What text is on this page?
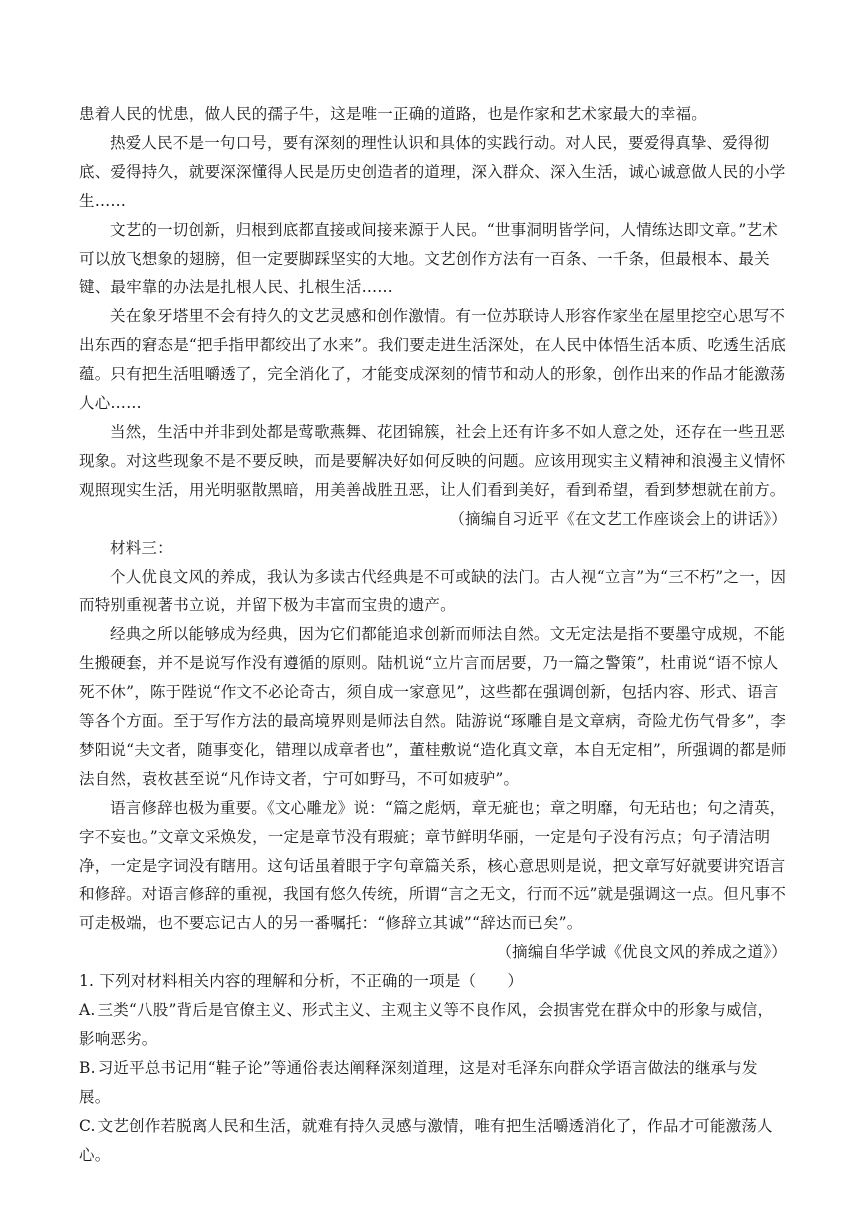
患着人民的忧患，做人民的孺子牛，这是唯一正确的道路，也是作家和艺术家最大的幸福。

热爱人民不是一句口号，要有深刻的理性认识和具体的实践行动。对人民，要爱得真挚、爱得彻底、爱得持久，就要深深懂得人民是历史创造者的道理，深入群众、深入生活，诚心诚意做人民的小学生……

文艺的一切创新，归根到底都直接或间接来源于人民。“世事洞明皆学问，人情练达即文章。”艺术可以放飞想象的翅膀，但一定要脚踩坚实的大地。文艺创作方法有一百条、一千条，但最根本、最关键、最牢靠的办法是扎根人民、扎根生活……

关在象牙塔里不会有持久的文艺灵感和创作激情。有一位苏联诗人形容作家坐在屋里挖空心思写不出东西的窘态是“把手指甲都绞出了水来”。我们要走进生活深处，在人民中体悟生活本质、吃透生活底蕴。只有把生活咀嚼透了，完全消化了，才能变成深刻的情节和动人的形象，创作出来的作品才能激荡人心……

当然，生活中并非到处都是莺歌燕舞、花团锦簇，社会上还有许多不如人意之处，还存在一些丑恶现象。对这些现象不是不要反映，而是要解决好如何反映的问题。应该用现实主义精神和浪漫主义情怀观照现实生活，用光明驱散黑暗，用美善战胜丑恶，让人们看到美好，看到希望，看到梦想就在前方。

（摘编自习近平《在文艺工作座谈会上的讲话》）

材料三：

个人优良文风的养成，我认为多读古代经典是不可或缺的法门。古人视“立言”为“三不朽”之一，因而特别重视著书立说，并留下极为丰富而宝贵的遗产。

经典之所以能够成为经典，因为它们都能追求创新而师法自然。文无定法是指不要墨守成规，不能生搬硬套，并不是说写作没有遵循的原则。陆机说“立片言而居要，乃一篇之警策”，杜甫说“语不惊人死不休”，陈于陛说“作文不必论奇古，须自成一家意见”，这些都在强调创新，包括内容、形式、语言等各个方面。至于写作方法的最高境界则是师法自然。陆游说“琢雕自是文章病，奇险尤伤气骨多”，李梦阳说“夫文者，随事变化，错理以成章者也”，董桂敷说“造化真文章，本自无定相”，所强调的都是师法自然，袁枚甚至说“凡作诗文者，宁可如野马，不可如疲驴”。

语言修辞也极为重要。《文心雕龙》说：“篇之彪炳，章无疵也；章之明靡，句无玷也；句之清英，字不妄也。”文章文采焕发，一定是章节没有瑕疵；章节鲜明华丽，一定是句子没有污点；句子清洁明净，一定是字词没有瞎用。这句话虽着眼于字句章篇关系，核心意思则是说，把文章写好就要讲究语言和修辞。对语言修辞的重视，我国有悠久传统，所谓“言之无文，行而不远”就是强调这一点。但凡事不可走极端，也不要忘记古人的另一番嘱托：“修辞立其诚”“辞达而已矣”。

（摘编自华学诚《优良文风的养成之道》）

1. 下列对材料相关内容的理解和分析，不正确的一项是（　　）

A. 三类“八股”背后是官僚主义、形式主义、主观主义等不良作风，会损害党在群众中的形象与威信，影响恶劣。

B. 习近平总书记用“鞋子论”等通俗表达阐释深刻道理，这是对毛泽东向群众学语言做法的继承与发展。

C. 文艺创作若脱离人民和生活，就难有持久灵感与激情，唯有把生活嚼透消化了，作品才可能激荡人心。
